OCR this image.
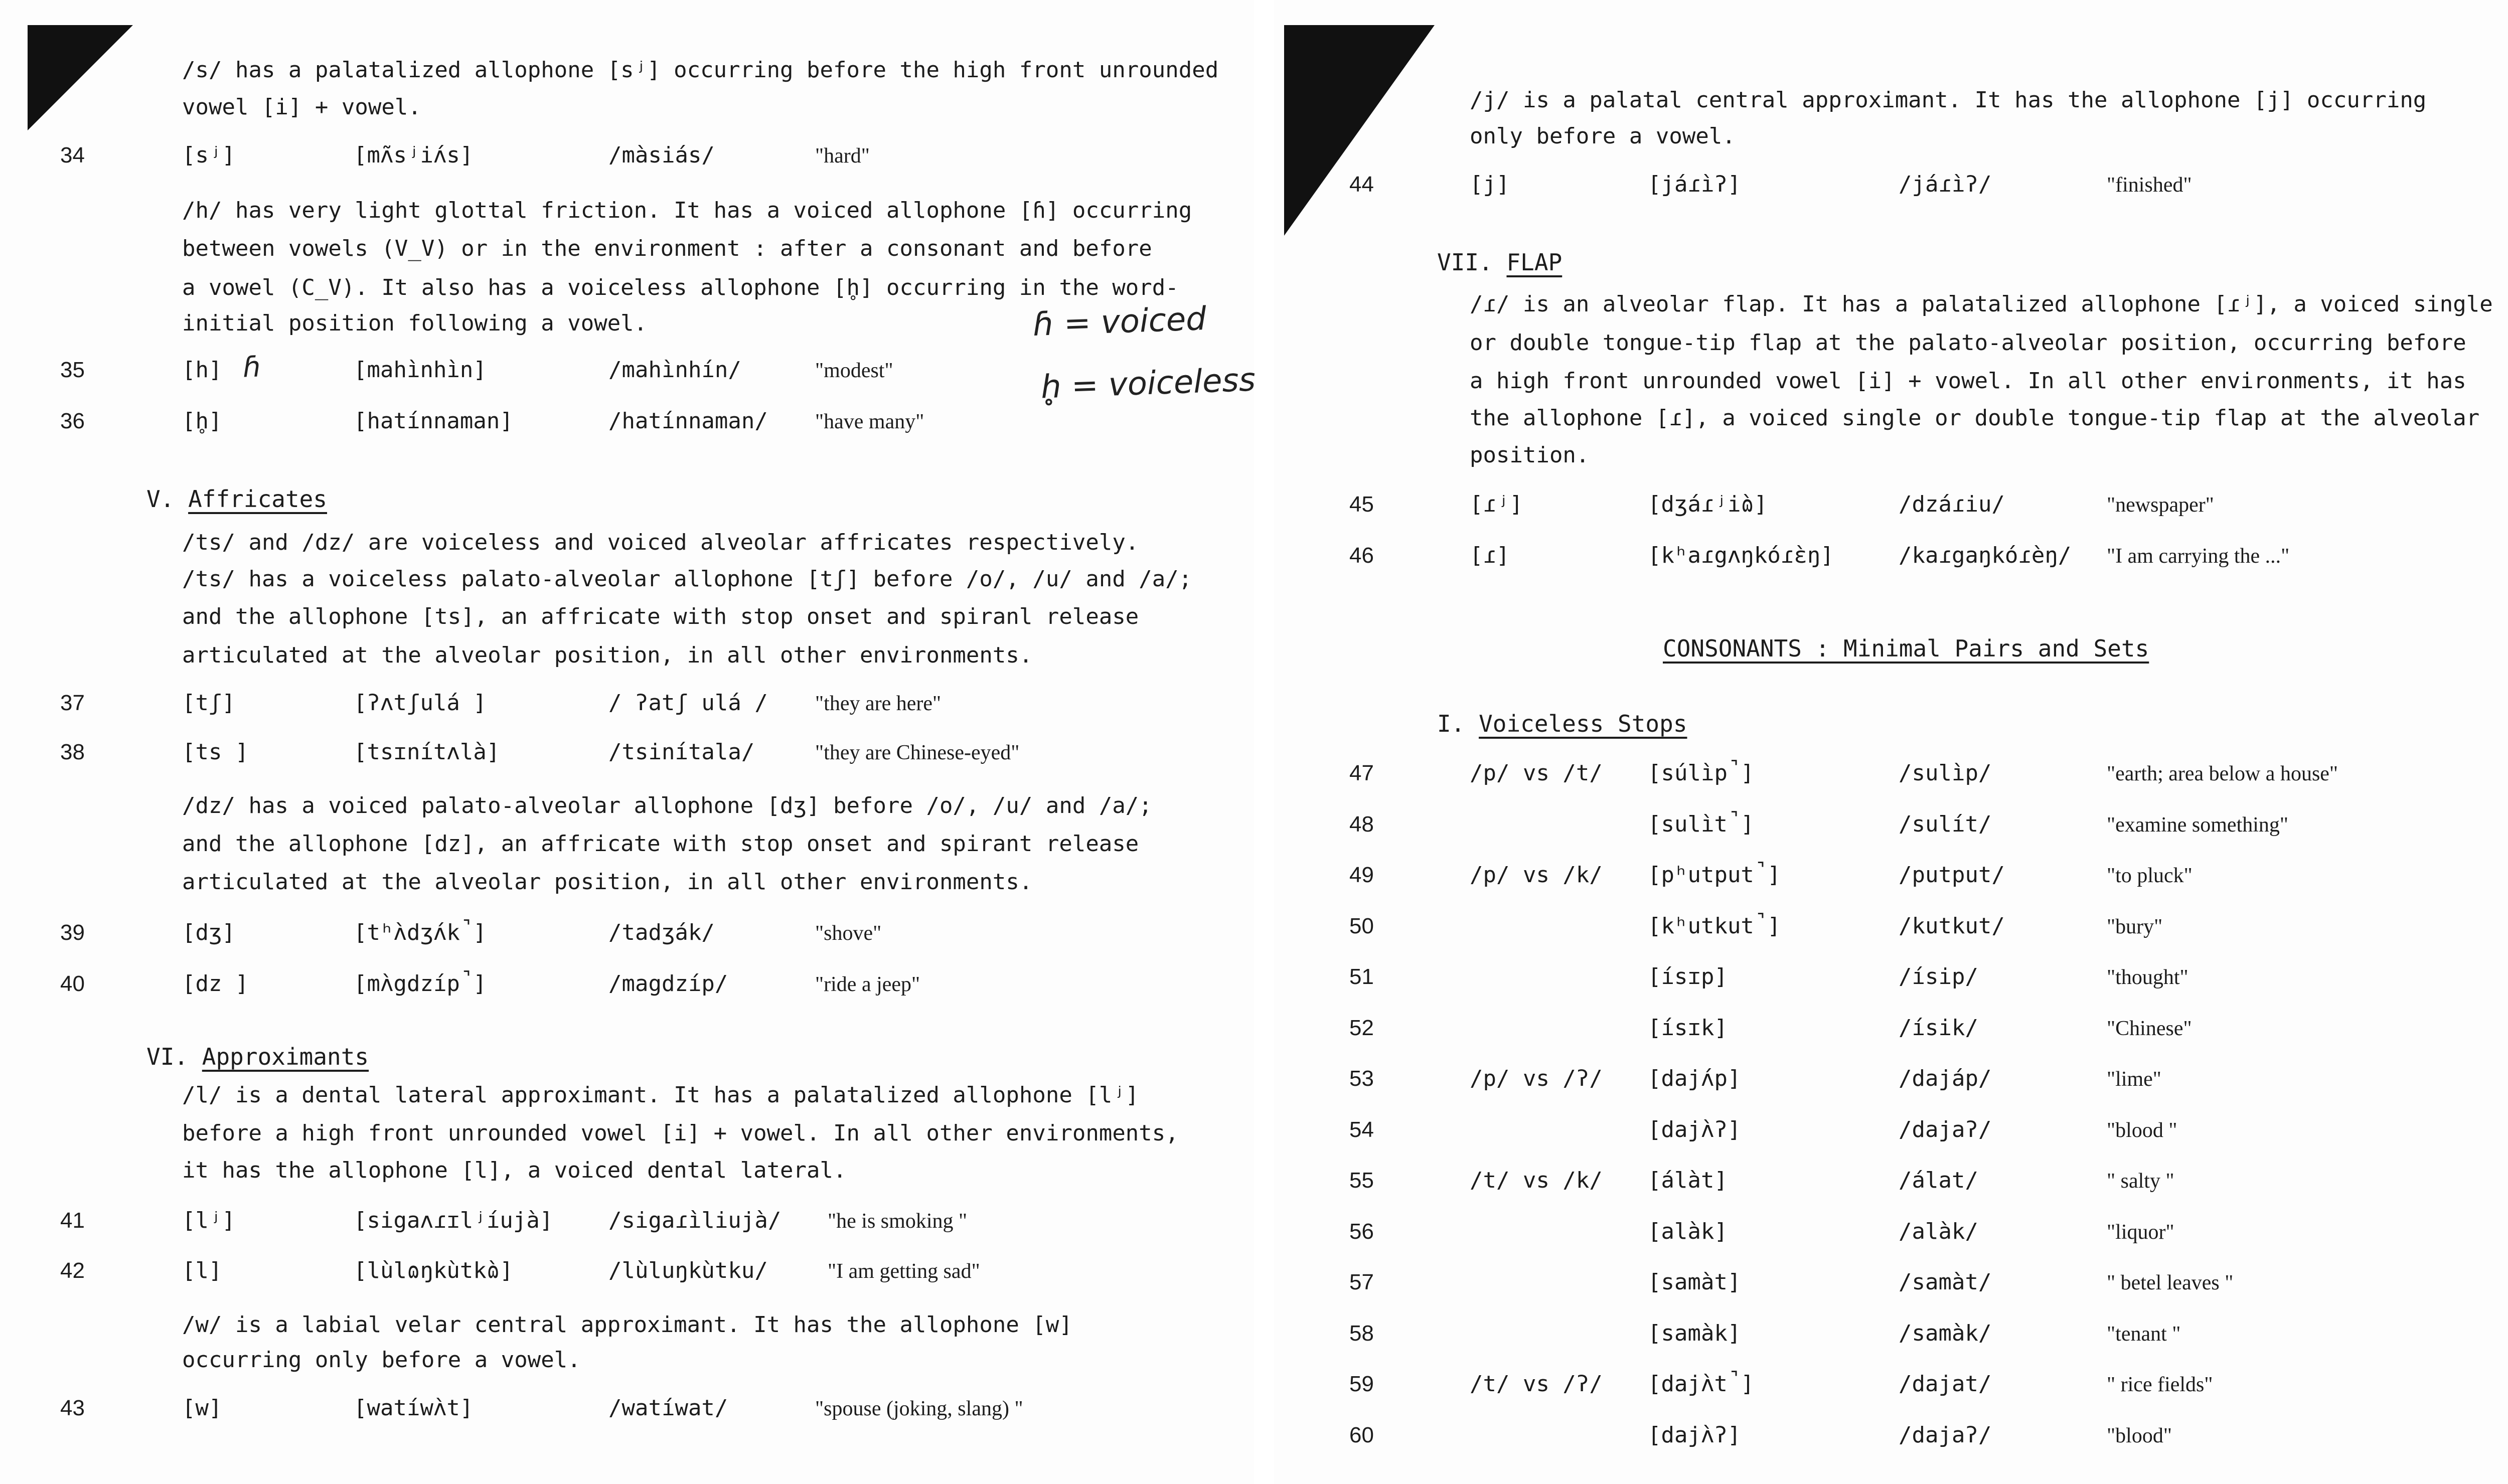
/s/ has a palatalized allophone [sʲ] occurring before the high front unrounded
vowel [i] + vowel.
34	[sʲ]	[mʌ̃sʲiʌ́s]	/màsiás/	"hard"
/h/ has very light glottal friction. It has a voiced allophone [ɦ] occurring
between vowels (V_V) or in the environment : after a consonant and before
a vowel (C_V). It also has a voiceless allophone [h̥] occurring in the word-
initial position following a vowel.	ɦ = voiced
h̥ = voiceless
35	[h] ɦ	[mahìnhìn]	/mahìnhín/	"modest"
36	[h̥]	[hatínnaman]	/hatínnaman/ "have many"
V. Affricates
/ts/ and /dz/ are voiceless and voiced alveolar affricates respectively.
/ts/ has a voiceless palato-alveolar allophone [tʃ] before /o/, /u/ and /a/;
and the allophone [ts], an affricate with stop onset and spiranl release
articulated at the alveolar position, in all other environments.
37	[tʃ]	[ʔʌtʃulá ]	/ ʔatʃ ulá / "they are here"
38	[ts ]	[tsɪnítʌlà]	/tsinítala/	"they are Chinese-eyed"
/dz/ has a voiced palato-alveolar allophone [dʒ] before /o/, /u/ and /a/;
and the allophone [dz], an affricate with stop onset and spirant release
articulated at the alveolar position, in all other environments.
39	[dʒ]	[tʰʌ̀dʒʌ́k̚]	/tadʒák/	"shove"
40	[dz ]	[mʌ̀gdzíp̚]	/magdzíp/	"ride a jeep"
VI. Approximants
/l/ is a dental lateral approximant. It has a palatalized allophone [lʲ]
before a high front unrounded vowel [i] + vowel. In all other environments,
it has the allophone [l], a voiced dental lateral.
41	[lʲ]	[sigaʌɾɪlʲíujà]	/sigaɾìliujà/ "he is smoking "
42	[l]	[lùlɷŋkùtkɷ̀]	/lùluŋkùtku/	"I am getting sad"
/w/ is a labial velar central approximant. It has the allophone [w]
occurring only before a vowel.
43	[w]	[watíwʌ̀t]	/watíwat/	"spouse (joking, slang) "
/j/ is a palatal central approximant. It has the allophone [j] occurring
only before a vowel.
44	[j]	[jáɾìʔ]	/jáɾìʔ/	"finished"
VII. FLAP
/ɾ/ is an alveolar flap. It has a palatalized allophone [ɾʲ], a voiced single
or double tongue-tip flap at the palato-alveolar position, occurring before
a high front unrounded vowel [i] + vowel. In all other environments, it has
the allophone [ɾ], a voiced single or double tongue-tip flap at the alveolar
position.
45	[ɾʲ]	[dʒáɾʲiɷ̀]	/dzáɾiu/	"newspaper"
46	[ɾ]	[kʰaɾgʌŋkóɾɛ̀ŋ]	/kaɾgaŋkóɾèŋ/ "I am carrying the ..."
CONSONANTS : Minimal Pairs and Sets
I. Voiceless Stops
47	/p/ vs /t/ [súlìp̚]	/sulìp/	"earth; area below a house"
48	[sulìt̚]	/sulít/	"examine something"
49	/p/ vs /k/ [pʰutput̚]	/putput/	"to pluck"
50	[kʰutkut̚]	/kutkut/	"bury"
51	[ísɪp]	/ísip/	"thought"
52	[ísɪk]	/ísik/	"Chinese"
53	/p/ vs /ʔ/ [dajʌ́p]	/dajáp/	"lime"
54	[dajʌ̀ʔ]	/dajaʔ/	"blood "
55	/t/ vs /k/ [álàt]	/álat/	" salty "
56	[alàk]	/alàk/	"liquor"
57	[samàt]	/samàt/	" betel leaves "
58	[samàk]	/samàk/	"tenant "
59	/t/ vs /ʔ/ [dajʌ̀t̚]	/dajat/	" rice fields"
60	[dajʌ̀ʔ]	/dajaʔ/	"blood"
